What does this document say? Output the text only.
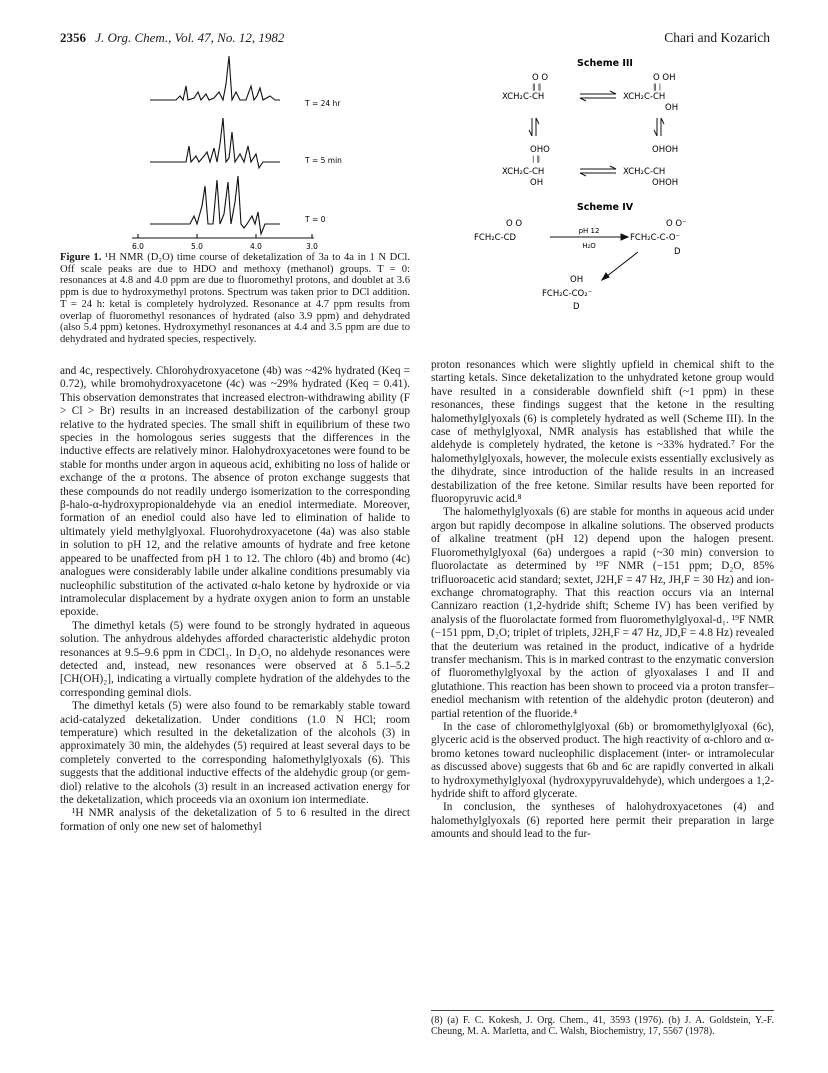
2356 J. Org. Chem., Vol. 47, No. 12, 1982	Chari and Kozarich
T = 24 hr
T = 5 min
T = 0
6.0	5.0	4.0	3.0
Figure 1. ¹H NMR (D₂O) time course of deketalization of 3a to 4a in 1 N DCl. Off scale peaks are due to HDO and methoxy (methanol) groups. T = 0: resonances at 4.8 and 4.0 ppm are due to fluoromethyl protons, and doublet at 3.6 ppm is due to hydroxymethyl protons. Spectrum was taken prior to DCl addition. T = 24 h: ketal is completely hydrolyzed. Resonance at 4.7 ppm results from overlap of fluoromethyl resonances of hydrated (also 3.9 ppm) and dehydrated (also 5.4 ppm) ketones. Hydroxymethyl resonances at 4.4 and 3.5 ppm are due to dehydrated and hydrated species, respectively.
Scheme III
O O
‖ ‖
XCH₂C-CH
O OH
‖ |
XCH₂C-CH
OH
OHO
| ‖
XCH₂C-CH
OH
OHOH
XCH₂C-CH
OHOH
Scheme IV
O O
FCH₂C-CD
pH 12
H₂O
O O⁻
FCH₂C-C-O⁻
D
OH
FCH₂C-CO₂⁻
D

and 4c, respectively. Chlorohydroxyacetone (4b) was ~42% hydrated (Keq = 0.72), while bromohydroxyacetone (4c) was ~29% hydrated (Keq = 0.41). This observation demonstrates that increased electron-withdrawing ability (F > Cl > Br) results in an increased destabilization of the carbonyl group relative to the hydrated species. The small shift in equilibrium of these two species in the homologous series suggests that the differences in the inductive effects are relatively minor. Halohydroxyacetones were found to be stable for months under argon in aqueous acid, exhibiting no loss of halide or exchange of the α protons. The absence of proton exchange suggests that these compounds do not readily undergo isomerization to the corresponding β-halo-α-hydroxypropionaldehyde via an enediol intermediate. Moreover, formation of an enediol could also have led to elimination of halide to ultimately yield methylglyoxal. Fluorohydroxyacetone (4a) was also stable in solution to pH 12, and the relative amounts of hydrate and free ketone appeared to be unaffected from pH 1 to 12. The chloro (4b) and bromo (4c) analogues were considerably labile under alkaline conditions presumably via nucleophilic substitution of the activated α-halo ketone by hydroxide or via intramolecular displacement by a hydrate oxygen anion to form an unstable epoxide.

The dimethyl ketals (5) were found to be strongly hydrated in aqueous solution. The anhydrous aldehydes afforded characteristic aldehydic proton resonances at 9.5–9.6 ppm in CDCl₃. In D₂O, no aldehyde resonances were detected and, instead, new resonances were observed at δ 5.1–5.2 [CH(OH)₂], indicating a virtually complete hydration of the aldehydes to the corresponding geminal diols.

The dimethyl ketals (5) were also found to be remarkably stable toward acid-catalyzed deketalization. Under conditions (1.0 N HCl; room temperature) which resulted in the deketalization of the alcohols (3) in approximately 30 min, the aldehydes (5) required at least several days to be completely converted to the corresponding halomethylglyoxals (6). This suggests that the additional inductive effects of the aldehydic group (or gem-diol) relative to the alcohols (3) result in an increased activation energy for the deketalization, which proceeds via an oxonium ion intermediate.

¹H NMR analysis of the deketalization of 5 to 6 resulted in the direct formation of only one new set of halomethyl

proton resonances which were slightly upfield in chemical shift to the starting ketals. Since deketalization to the unhydrated ketone group would have resulted in a considerable downfield shift (~1 ppm) in these resonances, these findings suggest that the ketone in the resulting halomethylglyoxals (6) is completely hydrated as well (Scheme III). In the case of methylglyoxal, NMR analysis has established that while the aldehyde is completely hydrated, the ketone is ~33% hydrated.⁷ For the halomethylglyoxals, however, the molecule exists essentially exclusively as the dihydrate, since introduction of the halide results in an increased destabilization of the free ketone. Similar results have been reported for fluoropyruvic acid.⁸

The halomethylglyoxals (6) are stable for months in aqueous acid under argon but rapidly decompose in alkaline solutions. The observed products of alkaline treatment (pH 12) depend upon the halogen present. Fluoromethylglyoxal (6a) undergoes a rapid (~30 min) conversion to fluorolactate as determined by ¹⁹F NMR (−151 ppm; D₂O, 85% trifluoroacetic acid standard; sextet, J2H,F = 47 Hz, JH,F = 30 Hz) and ion-exchange chromatography. That this reaction occurs via an internal Cannizaro reaction (1,2-hydride shift; Scheme IV) has been verified by analysis of the fluorolactate formed from fluoromethylglyoxal-d₁. ¹⁹F NMR (−151 ppm, D₂O; triplet of triplets, J2H,F = 47 Hz, JD,F = 4.8 Hz) revealed that the deuterium was retained in the product, indicative of a hydride transfer mechanism. This is in marked contrast to the enzymatic conversion of fluoromethylglyoxal by the action of glyoxalases I and II and glutathione. This reaction has been shown to proceed via a proton transfer–enediol mechanism with retention of the aldehydic proton (deuteron) and partial retention of the fluoride.⁴

In the case of chloromethylglyoxal (6b) or bromomethylglyoxal (6c), glyceric acid is the observed product. The high reactivity of α-chloro and α-bromo ketones toward nucleophilic displacement (inter- or intramolecular as discussed above) suggests that 6b and 6c are rapidly converted in alkali to hydroxymethylglyoxal (hydroxypyruvaldehyde), which undergoes a 1,2-hydride shift to afford glycerate.

In conclusion, the syntheses of halohydroxyacetones (4) and halomethylglyoxals (6) reported here permit their preparation in large amounts and should lead to the fur-

(8) (a) F. C. Kokesh, J. Org. Chem., 41, 3593 (1976). (b) J. A. Goldstein, Y.-F. Cheung, M. A. Marletta, and C. Walsh, Biochemistry, 17, 5567 (1978).
